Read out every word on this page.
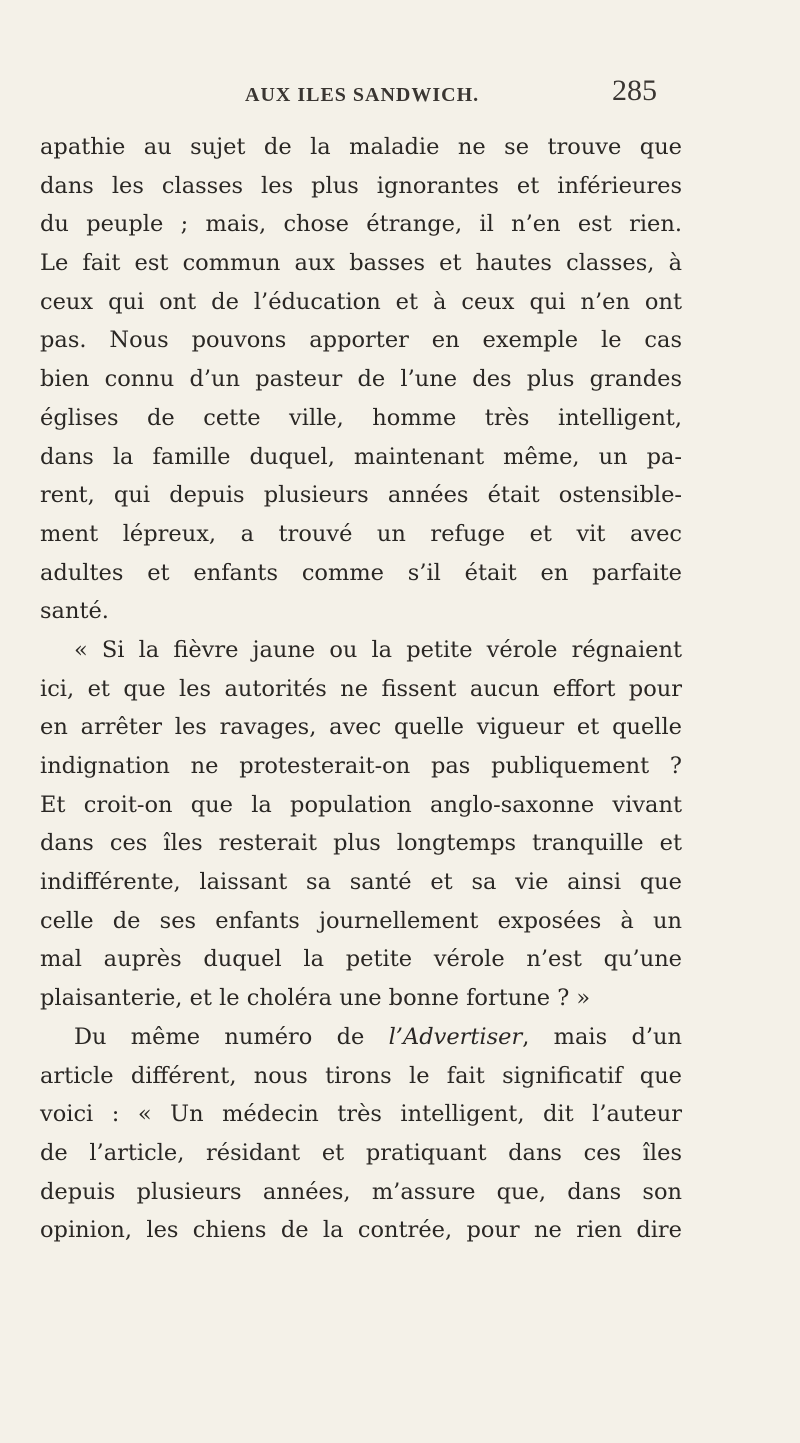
AUX ILES SANDWICH.	285
apathie au sujet de la maladie ne se trouve que
dans les classes les plus ignorantes et inférieures
du peuple ; mais, chose étrange, il n’en est rien.
Le fait est commun aux basses et hautes classes, à
ceux qui ont de l’éducation et à ceux qui n’en ont
pas. Nous pouvons apporter en exemple le cas
bien connu d’un pasteur de l’une des plus grandes
églises de cette ville, homme très intelligent,
dans la famille duquel, maintenant même, un pa-
rent, qui depuis plusieurs années était ostensible-
ment lépreux, a trouvé un refuge et vit avec
adultes et enfants comme s’il était en parfaite
santé.
« Si la fièvre jaune ou la petite vérole régnaient
ici, et que les autorités ne fissent aucun effort pour
en arrêter les ravages, avec quelle vigueur et quelle
indignation ne protesterait-on pas publiquement ?
Et croit-on que la population anglo-saxonne vivant
dans ces îles resterait plus longtemps tranquille et
indifférente, laissant sa santé et sa vie ainsi que
celle de ses enfants journellement exposées à un
mal auprès duquel la petite vérole n’est qu’une
plaisanterie, et le choléra une bonne fortune ? »
Du même numéro de l’Advertiser, mais d’un
article différent, nous tirons le fait significatif que
voici : « Un médecin très intelligent, dit l’auteur
de l’article, résidant et pratiquant dans ces îles
depuis plusieurs années, m’assure que, dans son
opinion, les chiens de la contrée, pour ne rien dire
